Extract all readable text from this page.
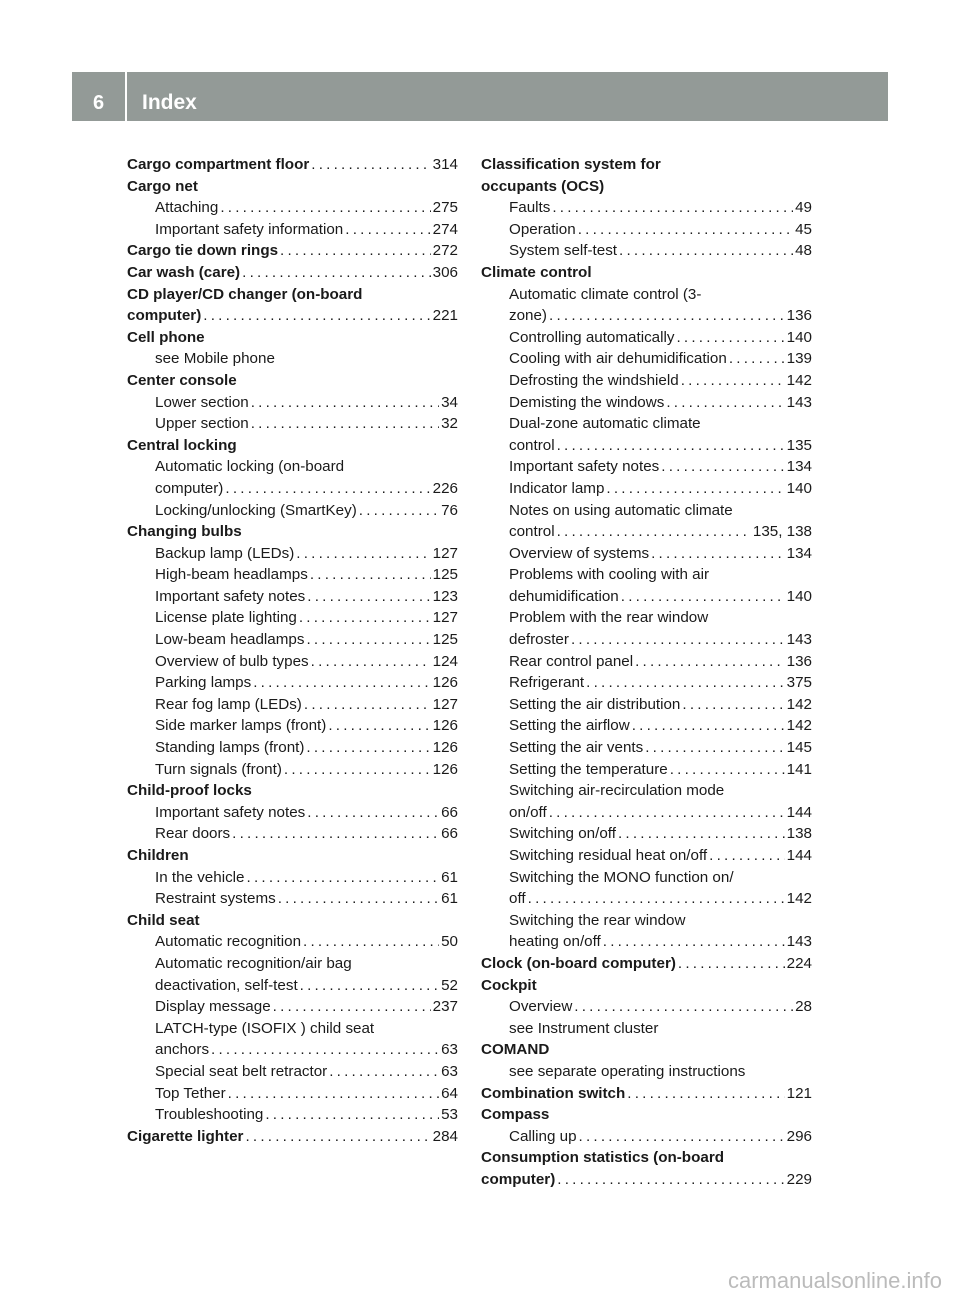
6	Index
Cargo compartment floor . . .	314
Cargo net
Attaching . . .	275
Important safety information . . .	274
Cargo tie down rings . . .	272
Car wash (care) . . .	306
CD player/CD changer (on-board
computer) . . .	221
Cell phone
see Mobile phone
Center console
Lower section . . .	34
Upper section . . .	32
Central locking
Automatic locking (on-board
computer) . . .	226
Locking/unlocking (SmartKey) . . .	76
Changing bulbs
Backup lamp (LEDs) . . .	127
High-beam headlamps . . .	125
Important safety notes . . .	123
License plate lighting . . .	127
Low-beam headlamps . . .	125
Overview of bulb types . . .	124
Parking lamps . . .	126
Rear fog lamp (LEDs) . . .	127
Side marker lamps (front) . . .	126
Standing lamps (front) . . .	126
Turn signals (front) . . .	126
Child-proof locks
Important safety notes . . .	66
Rear doors . . .	66
Children
In the vehicle . . .	61
Restraint systems . . .	61
Child seat
Automatic recognition . . .	50
Automatic recognition/air bag
deactivation, self-test . . .	52
Display message . . .	237
LATCH-type (ISOFIX ) child seat
anchors . . .	63
Special seat belt retractor . . .	63
Top Tether . . .	64
Troubleshooting . . .	53
Cigarette lighter . . .	284
Classification system for
occupants (OCS)
Faults . . .	49
Operation . . .	45
System self-test . . .	48
Climate control
Automatic climate control (3-
zone) . . .	136
Controlling automatically . . .	140
Cooling with air dehumidification . . .	139
Defrosting the windshield . . .	142
Demisting the windows . . .	143
Dual-zone automatic climate
control . . .	135
Important safety notes . . .	134
Indicator lamp . . .	140
Notes on using automatic climate
control . . .	135, 138
Overview of systems . . .	134
Problems with cooling with air
dehumidification . . .	140
Problem with the rear window
defroster . . .	143
Rear control panel . . .	136
Refrigerant . . .	375
Setting the air distribution . . .	142
Setting the airflow . . .	142
Setting the air vents . . .	145
Setting the temperature . . .	141
Switching air-recirculation mode
on/off . . .	144
Switching on/off . . .	138
Switching residual heat on/off . . .	144
Switching the MONO function on/
off . . .	142
Switching the rear window
heating on/off . . .	143
Clock (on-board computer) . . .	224
Cockpit
Overview . . .	28
see Instrument cluster
COMAND
see separate operating instructions
Combination switch . . .	121
Compass
Calling up . . .	296
Consumption statistics (on-board
computer) . . .	229
carmanualsonline.info
